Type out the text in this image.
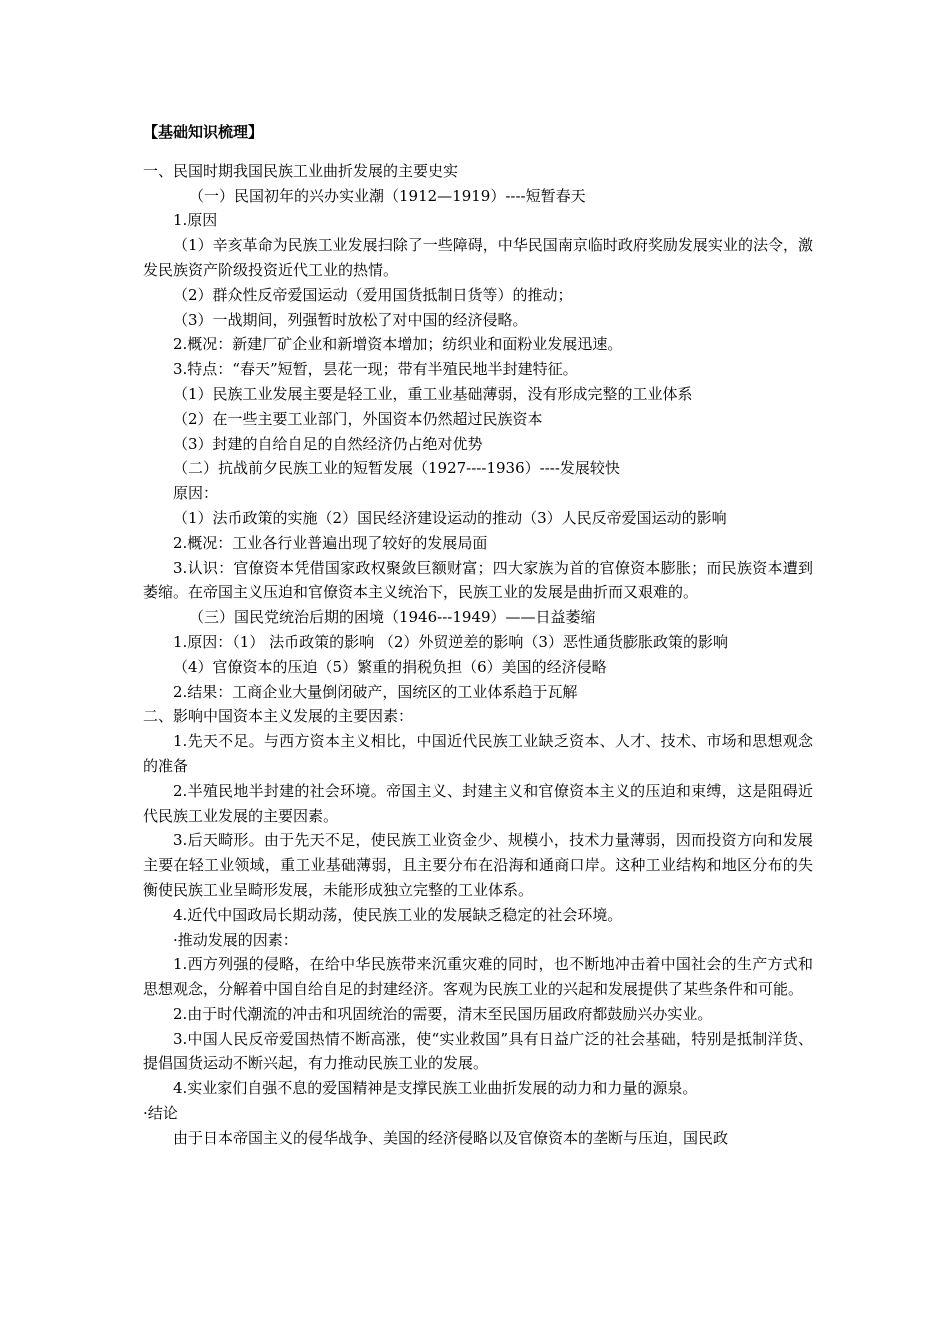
【基础知识梳理】

一、民国时期我国民族工业曲折发展的主要史实

（一）民国初年的兴办实业潮（1912—1919）----短暂春天

1.原因

（1）辛亥革命为民族工业发展扫除了一些障碍，中华民国南京临时政府奖励发展实业的法令，激发民族资产阶级投资近代工业的热情。

（2）群众性反帝爱国运动（爱用国货抵制日货等）的推动；

（3）一战期间，列强暂时放松了对中国的经济侵略。

2.概况：新建厂矿企业和新增资本增加；纺织业和面粉业发展迅速。

3.特点：“春天”短暂，昙花一现；带有半殖民地半封建特征。

（1）民族工业发展主要是轻工业，重工业基础薄弱，没有形成完整的工业体系

（2）在一些主要工业部门，外国资本仍然超过民族资本

（3）封建的自给自足的自然经济仍占绝对优势

（二）抗战前夕民族工业的短暂发展（1927----1936）----发展较快

原因：

（1）法币政策的实施（2）国民经济建设运动的推动（3）人民反帝爱国运动的影响

2.概况：工业各行业普遍出现了较好的发展局面

3.认识：官僚资本凭借国家政权聚敛巨额财富；四大家族为首的官僚资本膨胀；而民族资本遭到萎缩。在帝国主义压迫和官僚资本主义统治下，民族工业的发展是曲折而又艰难的。

（三）国民党统治后期的困境（1946---1949）——日益萎缩

1.原因：（1） 法币政策的影响 （2）外贸逆差的影响（3）恶性通货膨胀政策的影响

（4）官僚资本的压迫（5）繁重的捐税负担（6）美国的经济侵略

2.结果：工商企业大量倒闭破产，国统区的工业体系趋于瓦解

二、影响中国资本主义发展的主要因素：

1.先天不足。与西方资本主义相比，中国近代民族工业缺乏资本、人才、技术、市场和思想观念的准备

2.半殖民地半封建的社会环境。帝国主义、封建主义和官僚资本主义的压迫和束缚，这是阻碍近代民族工业发展的主要因素。

3.后天畸形。由于先天不足，使民族工业资金少、规模小，技术力量薄弱，因而投资方向和发展主要在轻工业领域，重工业基础薄弱，且主要分布在沿海和通商口岸。这种工业结构和地区分布的失衡使民族工业呈畸形发展，未能形成独立完整的工业体系。

4.近代中国政局长期动荡，使民族工业的发展缺乏稳定的社会环境。

·推动发展的因素：

1.西方列强的侵略，在给中华民族带来沉重灾难的同时，也不断地冲击着中国社会的生产方式和思想观念，分解着中国自给自足的封建经济。客观为民族工业的兴起和发展提供了某些条件和可能。

2.由于时代潮流的冲击和巩固统治的需要，清末至民国历届政府都鼓励兴办实业。

3.中国人民反帝爱国热情不断高涨，使“实业救国”具有日益广泛的社会基础，特别是抵制洋货、提倡国货运动不断兴起，有力推动民族工业的发展。

4.实业家们自强不息的爱国精神是支撑民族工业曲折发展的动力和力量的源泉。

·结论

由于日本帝国主义的侵华战争、美国的经济侵略以及官僚资本的垄断与压迫，国民政
